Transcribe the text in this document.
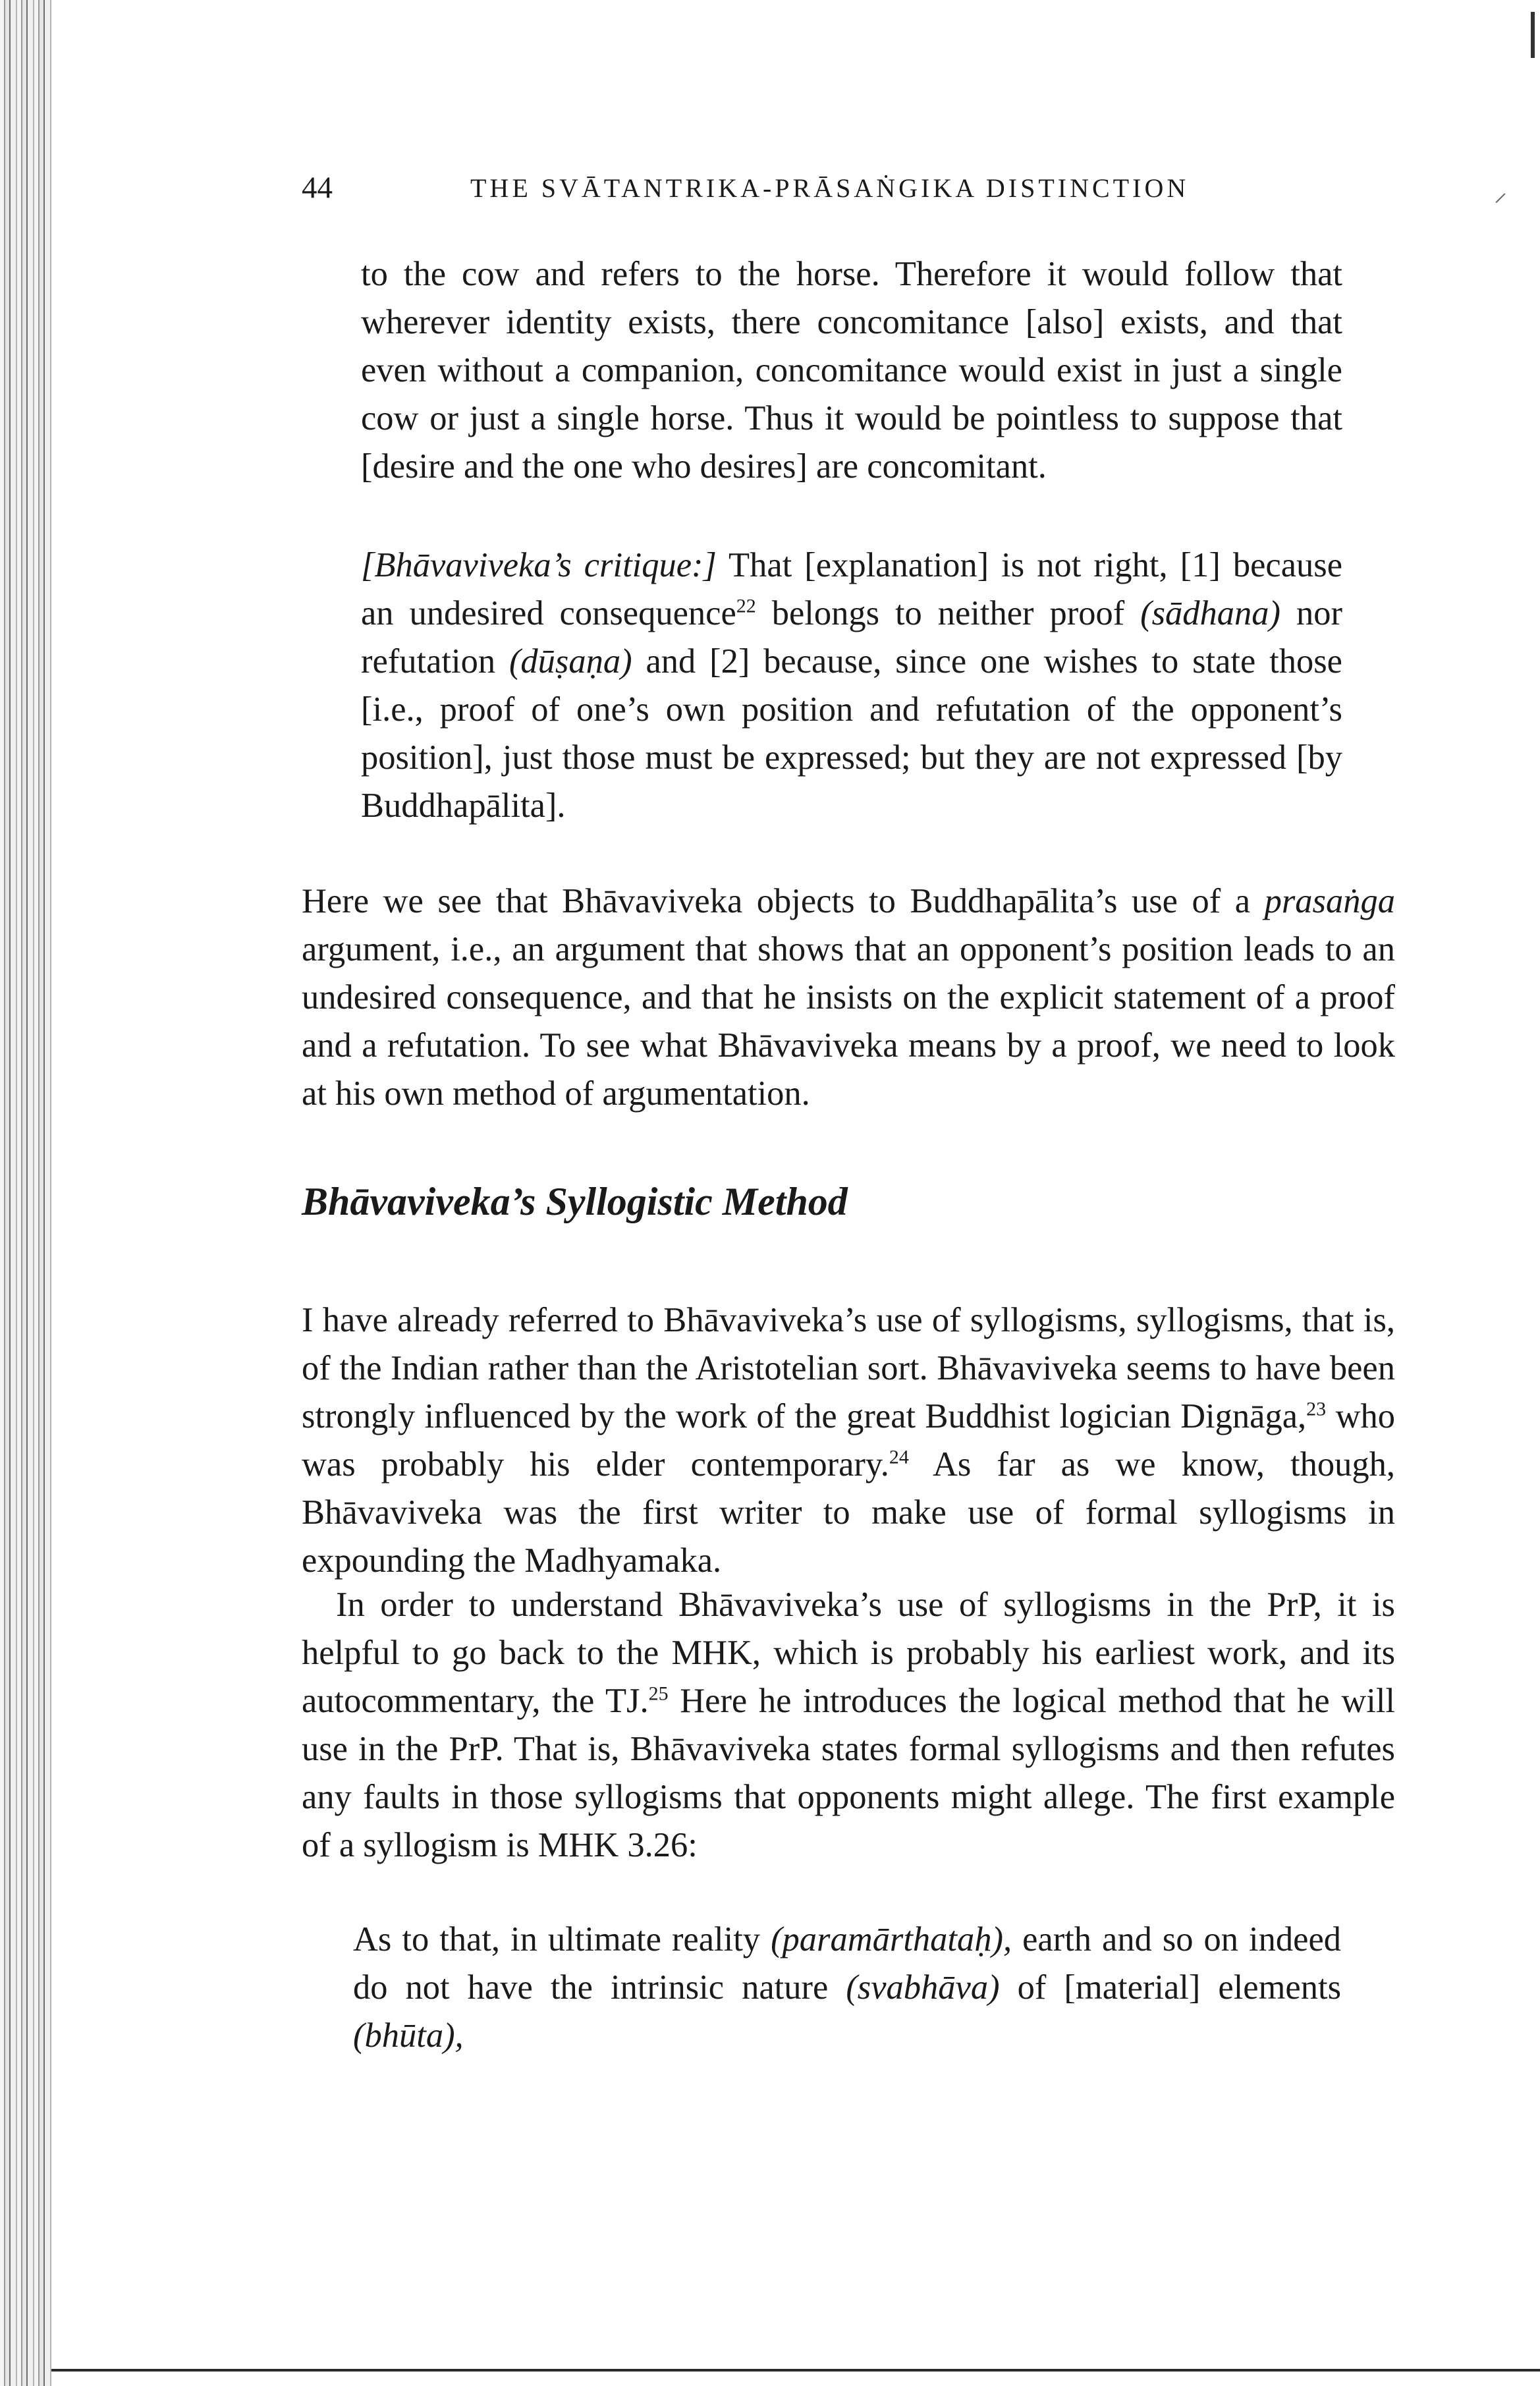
⸝
44	THE SVĀTANTRIKA-PRĀSAṄGIKA DISTINCTION

to the cow and refers to the horse. Therefore it would follow that wherever identity exists, there concomitance [also] exists, and that even without a companion, concomitance would exist in just a single cow or just a single horse. Thus it would be pointless to suppose that [desire and the one who desires] are concomitant.

[Bhāvaviveka’s critique:] That [explanation] is not right, [1] because an undesired consequence$^{22}$ belongs to neither proof (sādhana) nor refutation (dūṣaṇa) and [2] because, since one wishes to state those [i.e., proof of one’s own position and refutation of the opponent’s position], just those must be expressed; but they are not expressed [by Buddhapālita].

Here we see that Bhāvaviveka objects to Buddhapālita’s use of a prasaṅga argument, i.e., an argument that shows that an opponent’s position leads to an undesired consequence, and that he insists on the explicit statement of a proof and a refutation. To see what Bhāvaviveka means by a proof, we need to look at his own method of argumentation.

Bhāvaviveka’s Syllogistic Method

I have already referred to Bhāvaviveka’s use of syllogisms, syllogisms, that is, of the Indian rather than the Aristotelian sort. Bhāvaviveka seems to have been strongly influenced by the work of the great Buddhist logician Dignāga,$^{23}$ who was probably his elder contemporary.$^{24}$ As far as we know, though, Bhāvaviveka was the first writer to make use of formal syllogisms in expounding the Madhyamaka.

In order to understand Bhāvaviveka’s use of syllogisms in the PrP, it is helpful to go back to the MHK, which is probably his earliest work, and its autocommentary, the TJ.$^{25}$ Here he introduces the logical method that he will use in the PrP. That is, Bhāvaviveka states formal syllogisms and then refutes any faults in those syllogisms that opponents might allege. The first example of a syllogism is MHK 3.26:

As to that, in ultimate reality (paramārthataḥ), earth and so on indeed do not have the intrinsic nature (svabhāva) of [material] elements (bhūta),
